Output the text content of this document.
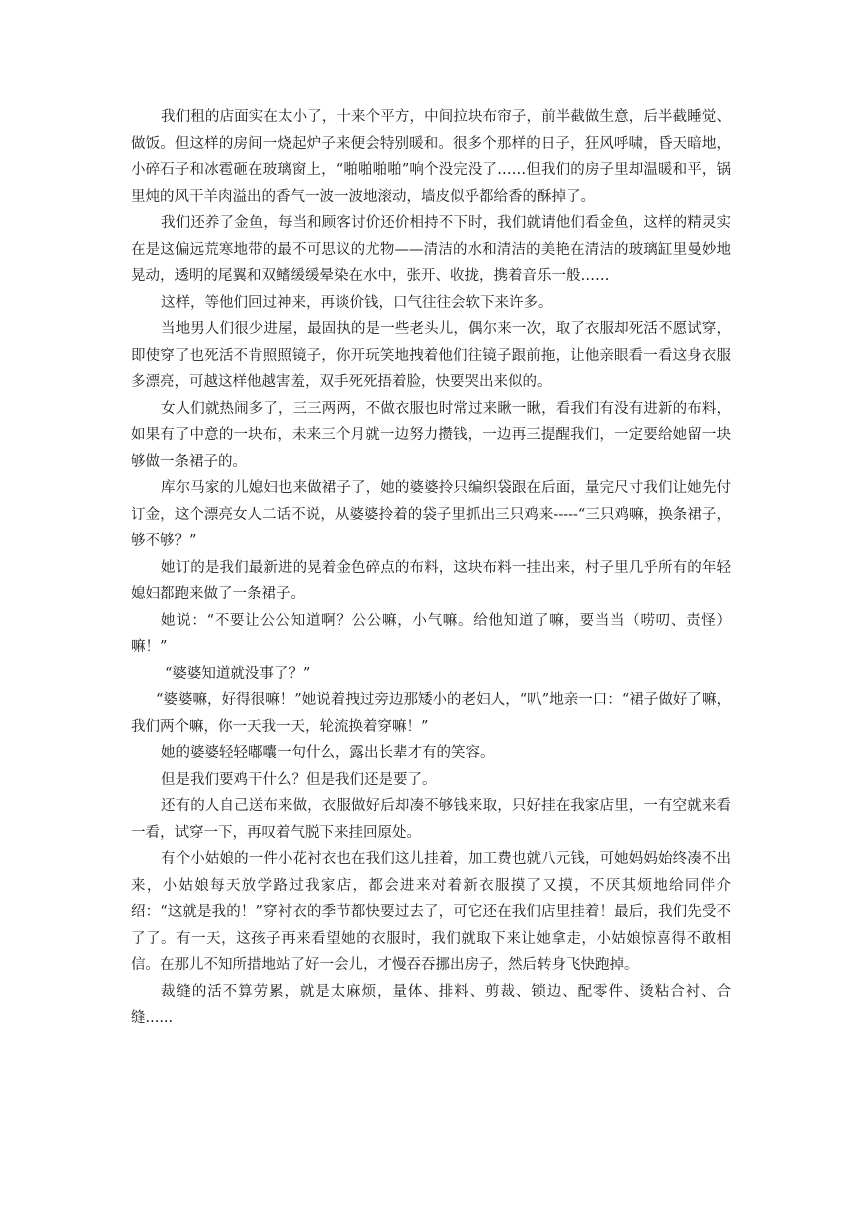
我们租的店面实在太小了，十来个平方，中间拉块布帘子，前半截做生意，后半截睡觉、做饭。但这样的房间一烧起炉子来便会特别暖和。很多个那样的日子，狂风呼啸，昏天暗地，小碎石子和冰雹砸在玻璃窗上，“啪啪啪啪”响个没完没了……但我们的房子里却温暖和平，锅里炖的风干羊肉溢出的香气一波一波地滚动，墙皮似乎都给香的酥掉了。

我们还养了金鱼，每当和顾客讨价还价相持不下时，我们就请他们看金鱼，这样的精灵实在是这偏远荒寒地带的最不可思议的尤物——清洁的水和清洁的美艳在清洁的玻璃缸里曼妙地晃动，透明的尾翼和双鳍缓缓晕染在水中，张开、收拢，携着音乐一般……

这样，等他们回过神来，再谈价钱，口气往往会软下来许多。

当地男人们很少进屋，最固执的是一些老头儿，偶尔来一次，取了衣服却死活不愿试穿，即使穿了也死活不肯照照镜子，你开玩笑地拽着他们往镜子跟前拖，让他亲眼看一看这身衣服多漂亮，可越这样他越害羞，双手死死捂着脸，快要哭出来似的。

女人们就热闹多了，三三两两，不做衣服也时常过来瞅一瞅，看我们有没有进新的布料，如果有了中意的一块布，未来三个月就一边努力攒钱，一边再三提醒我们，一定要给她留一块够做一条裙子的。

库尔马家的儿媳妇也来做裙子了，她的婆婆拎只编织袋跟在后面，量完尺寸我们让她先付订金，这个漂亮女人二话不说，从婆婆拎着的袋子里抓出三只鸡来-----“三只鸡嘛，换条裙子，够不够？”

她订的是我们最新进的晃着金色碎点的布料，这块布料一挂出来，村子里几乎所有的年轻媳妇都跑来做了一条裙子。

她说：“不要让公公知道啊？公公嘛，小气嘛。给他知道了嘛，要当当（唠叨、责怪）嘛！”

“婆婆知道就没事了？”

“婆婆嘛，好得很嘛！”她说着拽过旁边那矮小的老妇人，“叭”地亲一口：“裙子做好了嘛，我们两个嘛，你一天我一天，轮流换着穿嘛！”

她的婆婆轻轻嘟囔一句什么，露出长辈才有的笑容。

但是我们要鸡干什么？但是我们还是要了。

还有的人自己送布来做，衣服做好后却凑不够钱来取，只好挂在我家店里，一有空就来看一看，试穿一下，再叹着气脱下来挂回原处。

有个小姑娘的一件小花衬衣也在我们这儿挂着，加工费也就八元钱，可她妈妈始终凑不出来，小姑娘每天放学路过我家店，都会进来对着新衣服摸了又摸，不厌其烦地给同伴介绍：“这就是我的！”穿衬衣的季节都快要过去了，可它还在我们店里挂着！最后，我们先受不了了。有一天，这孩子再来看望她的衣服时，我们就取下来让她拿走，小姑娘惊喜得不敢相信。在那儿不知所措地站了好一会儿，才慢吞吞挪出房子，然后转身飞快跑掉。

裁缝的活不算劳累，就是太麻烦，量体、排料、剪裁、锁边、配零件、烫粘合衬、合缝......
